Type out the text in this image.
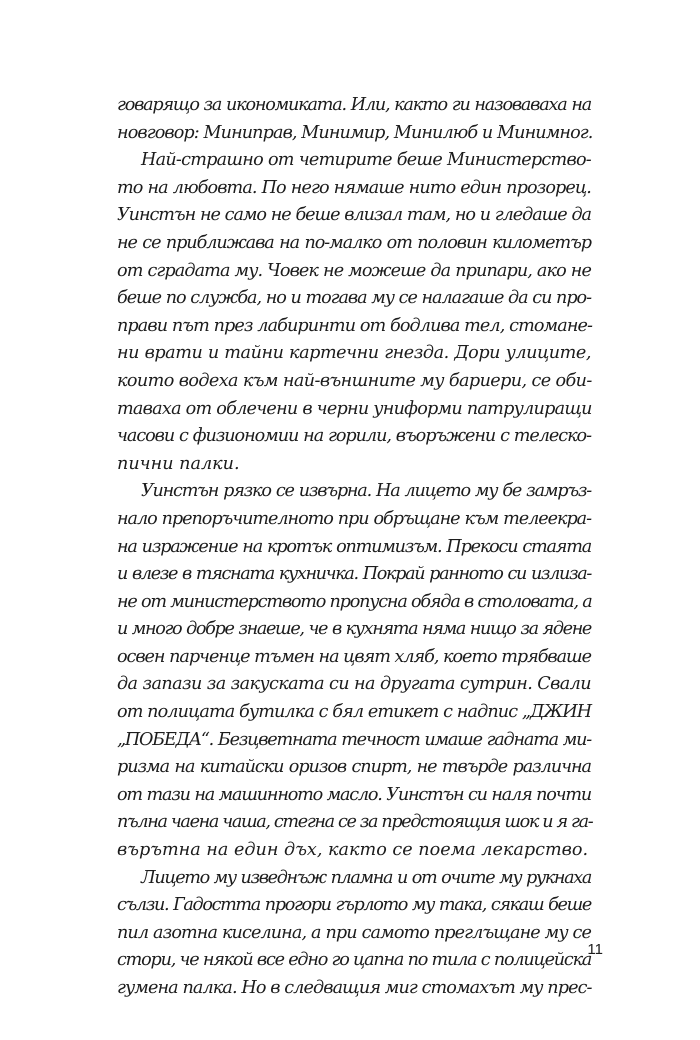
говарящо за икономиката. Или, както ги назоваваха на
новговор: Миниправ, Минимир, Минилюб и Минимног.
Най-страшно от четирите беше Министерство-
то на любовта. По него нямаше нито един прозорец.
Уинстън не само не беше влизал там, но и гледаше да
не се приближава на по-малко от половин километър
от сградата му. Човек не можеше да припари, ако не
беше по служба, но и тогава му се налагаше да си про-
прави път през лабиринти от бодлива тел, стомане-
ни врати и тайни картечни гнезда. Дори улиците,
които водеха към най-външните му бариери, се оби-
таваха от облечени в черни униформи патрулиращи
часови с физиономии на горили, въоръжени с телеско-
пични палки.
Уинстън рязко се извърна. На лицето му бе замръз-
нало препоръчителното при обръщане към телеекра-
на изражение на кротък оптимизъм. Прекоси стаята
и влезе в тясната кухничка. Покрай ранното си излиза-
не от министерството пропусна обяда в столовата, а
и много добре знаеше, че в кухнята няма нищо за ядене
освен парченце тъмен на цвят хляб, което трябваше
да запази за закуската си на другата сутрин. Свали
от полицата бутилка с бял етикет с надпис „ДЖИН
„ПОБЕДА“. Безцветната течност имаше гадната ми-
ризма на китайски оризов спирт, не твърде различна
от тази на машинното масло. Уинстън си наля почти
пълна чаена чаша, стегна се за предстоящия шок и я га-
върътна на един дъх, както се поема лекарство.
Лицето му изведнъж пламна и от очите му рукнаха
сълзи. Гадостта прогори гърлото му така, сякаш беше
пил азотна киселина, а при самото преглъщане му се
стори, че някой все едно го цапна по тила с полицейска
гумена палка. Но в следващия миг стомахът му прес-
11
